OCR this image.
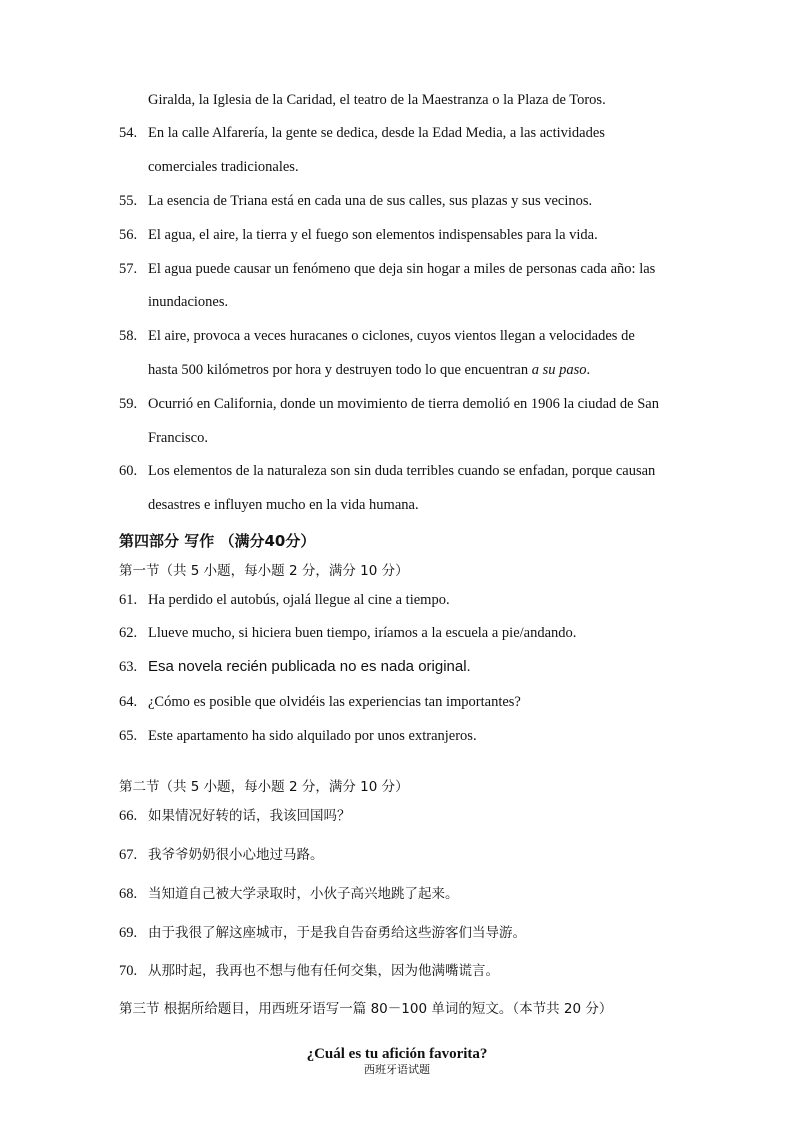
Giralda, la Iglesia de la Caridad, el teatro de la Maestranza o la Plaza de Toros.
54. En la calle Alfarería, la gente se dedica, desde la Edad Media, a las actividades
comerciales tradicionales.
55. La esencia de Triana está en cada una de sus calles, sus plazas y sus vecinos.
56. El agua, el aire, la tierra y el fuego son elementos indispensables para la vida.
57. El agua puede causar un fenómeno que deja sin hogar a miles de personas cada año: las
inundaciones.
58. El aire, provoca a veces huracanes o ciclones, cuyos vientos llegan a velocidades de
hasta 500 kilómetros por hora y destruyen todo lo que encuentran a su paso.
59. Ocurrió en California, donde un movimiento de tierra demolió en 1906 la ciudad de San
Francisco.
60. Los elementos de la naturaleza son sin duda terribles cuando se enfadan, porque causan
desastres e influyen mucho en la vida humana.
第四部分 写作 （满分40分）
第一节（共 5 小题，每小题 2 分，满分 10 分）
61. Ha perdido el autobús, ojalá llegue al cine a tiempo.
62. Llueve mucho, si hiciera buen tiempo, iríamos a la escuela a pie/andando.
63. Esa novela recién publicada no es nada original.
64. ¿Cómo es posible que olvidéis las experiencias tan importantes?
65. Este apartamento ha sido alquilado por unos extranjeros.
第二节（共 5 小题，每小题 2 分，满分 10 分）
66. 如果情况好转的话，我该回国吗？
67. 我爷爷奶奶很小心地过马路。
68. 当知道自己被大学录取时，小伙子高兴地跳了起来。
69. 由于我很了解这座城市，于是我自告奋勇给这些游客们当导游。
70. 从那时起，我再也不想与他有任何交集，因为他满嘴谎言。
第三节 根据所给题目，用西班牙语写一篇 80－100 单词的短文。（本节共 20 分）
¿Cuál es tu afición favorita?
西班牙语试题
